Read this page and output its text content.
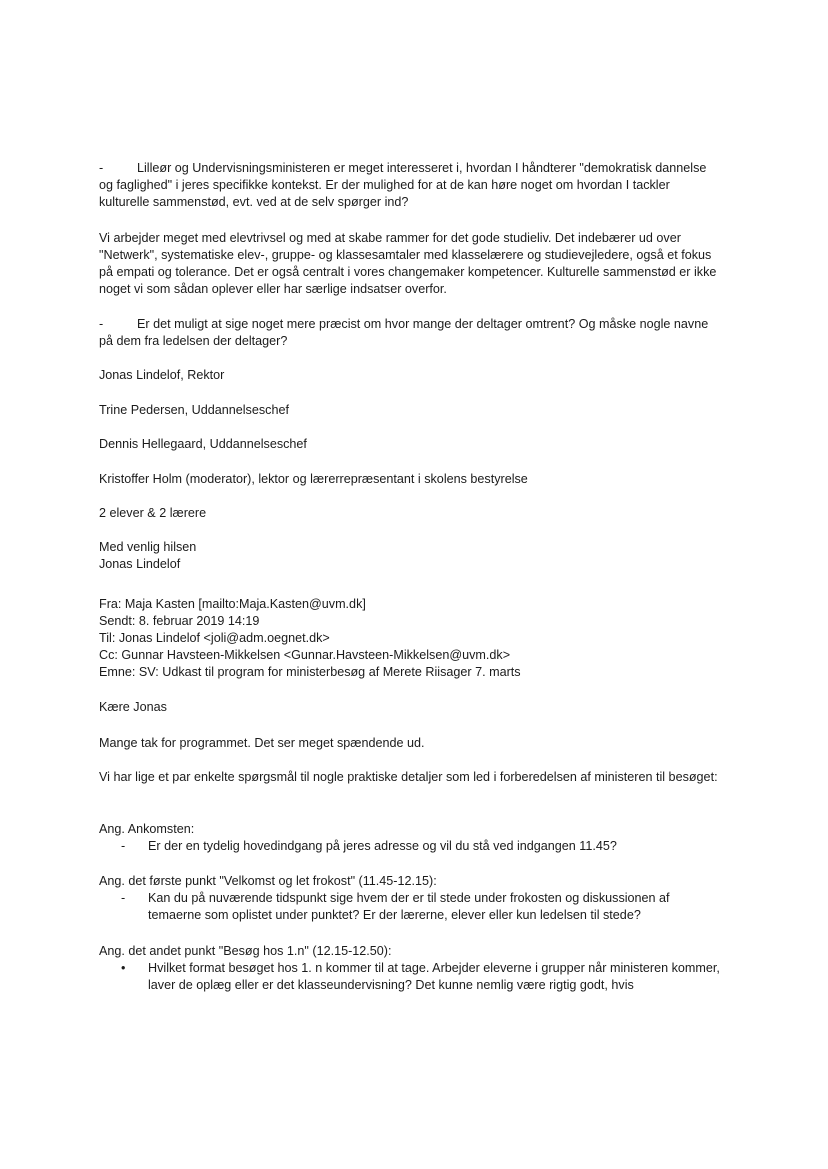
-	Lilleør og Undervisningsministeren er meget interesseret i, hvordan I håndterer "demokratisk dannelse og faglighed" i jeres specifikke kontekst. Er der mulighed for at de kan høre noget om hvordan I tackler kulturelle sammenstød, evt. ved at de selv spørger ind?

Vi arbejder meget med elevtrivsel og med at skabe rammer for det gode studieliv. Det indebærer ud over "Netwerk", systematiske elev-, gruppe- og klassesamtaler med klasselærere og studievejledere, også et fokus på empati og tolerance. Det er også centralt i vores changemaker kompetencer. Kulturelle sammenstød er ikke noget vi som sådan oplever eller har særlige indsatser overfor.

-	Er det muligt at sige noget mere præcist om hvor mange der deltager omtrent? Og måske nogle navne på dem fra ledelsen der deltager?

Jonas Lindelof, Rektor

Trine Pedersen, Uddannelseschef

Dennis Hellegaard, Uddannelseschef

Kristoffer Holm (moderator), lektor og lærerrepræsentant i skolens bestyrelse

2 elever & 2 lærere

Med venlig hilsen
Jonas Lindelof

Fra: Maja Kasten [mailto:Maja.Kasten@uvm.dk]
Sendt: 8. februar 2019 14:19
Til: Jonas Lindelof <joli@adm.oegnet.dk>
Cc: Gunnar Havsteen-Mikkelsen <Gunnar.Havsteen-Mikkelsen@uvm.dk>
Emne: SV: Udkast til program for ministerbesøg af Merete Riisager 7. marts

Kære Jonas

Mange tak for programmet. Det ser meget spændende ud.

Vi har lige et par enkelte spørgsmål til nogle praktiske detaljer som led i forberedelsen af ministeren til besøget:

Ang. Ankomsten:

-	Er der en tydelig hovedindgang på jeres adresse og vil du stå ved indgangen 11.45?

Ang. det første punkt "Velkomst og let frokost" (11.45-12.15):

-	Kan du på nuværende tidspunkt sige hvem der er til stede under frokosten og diskussionen af temaerne som oplistet under punktet? Er der lærerne, elever eller kun ledelsen til stede?

Ang. det andet punkt "Besøg hos 1.n" (12.15-12.50):

•	Hvilket format besøget hos 1. n kommer til at tage. Arbejder eleverne i grupper når ministeren kommer, laver de oplæg eller er det klasseundervisning? Det kunne nemlig være rigtig godt, hvis
